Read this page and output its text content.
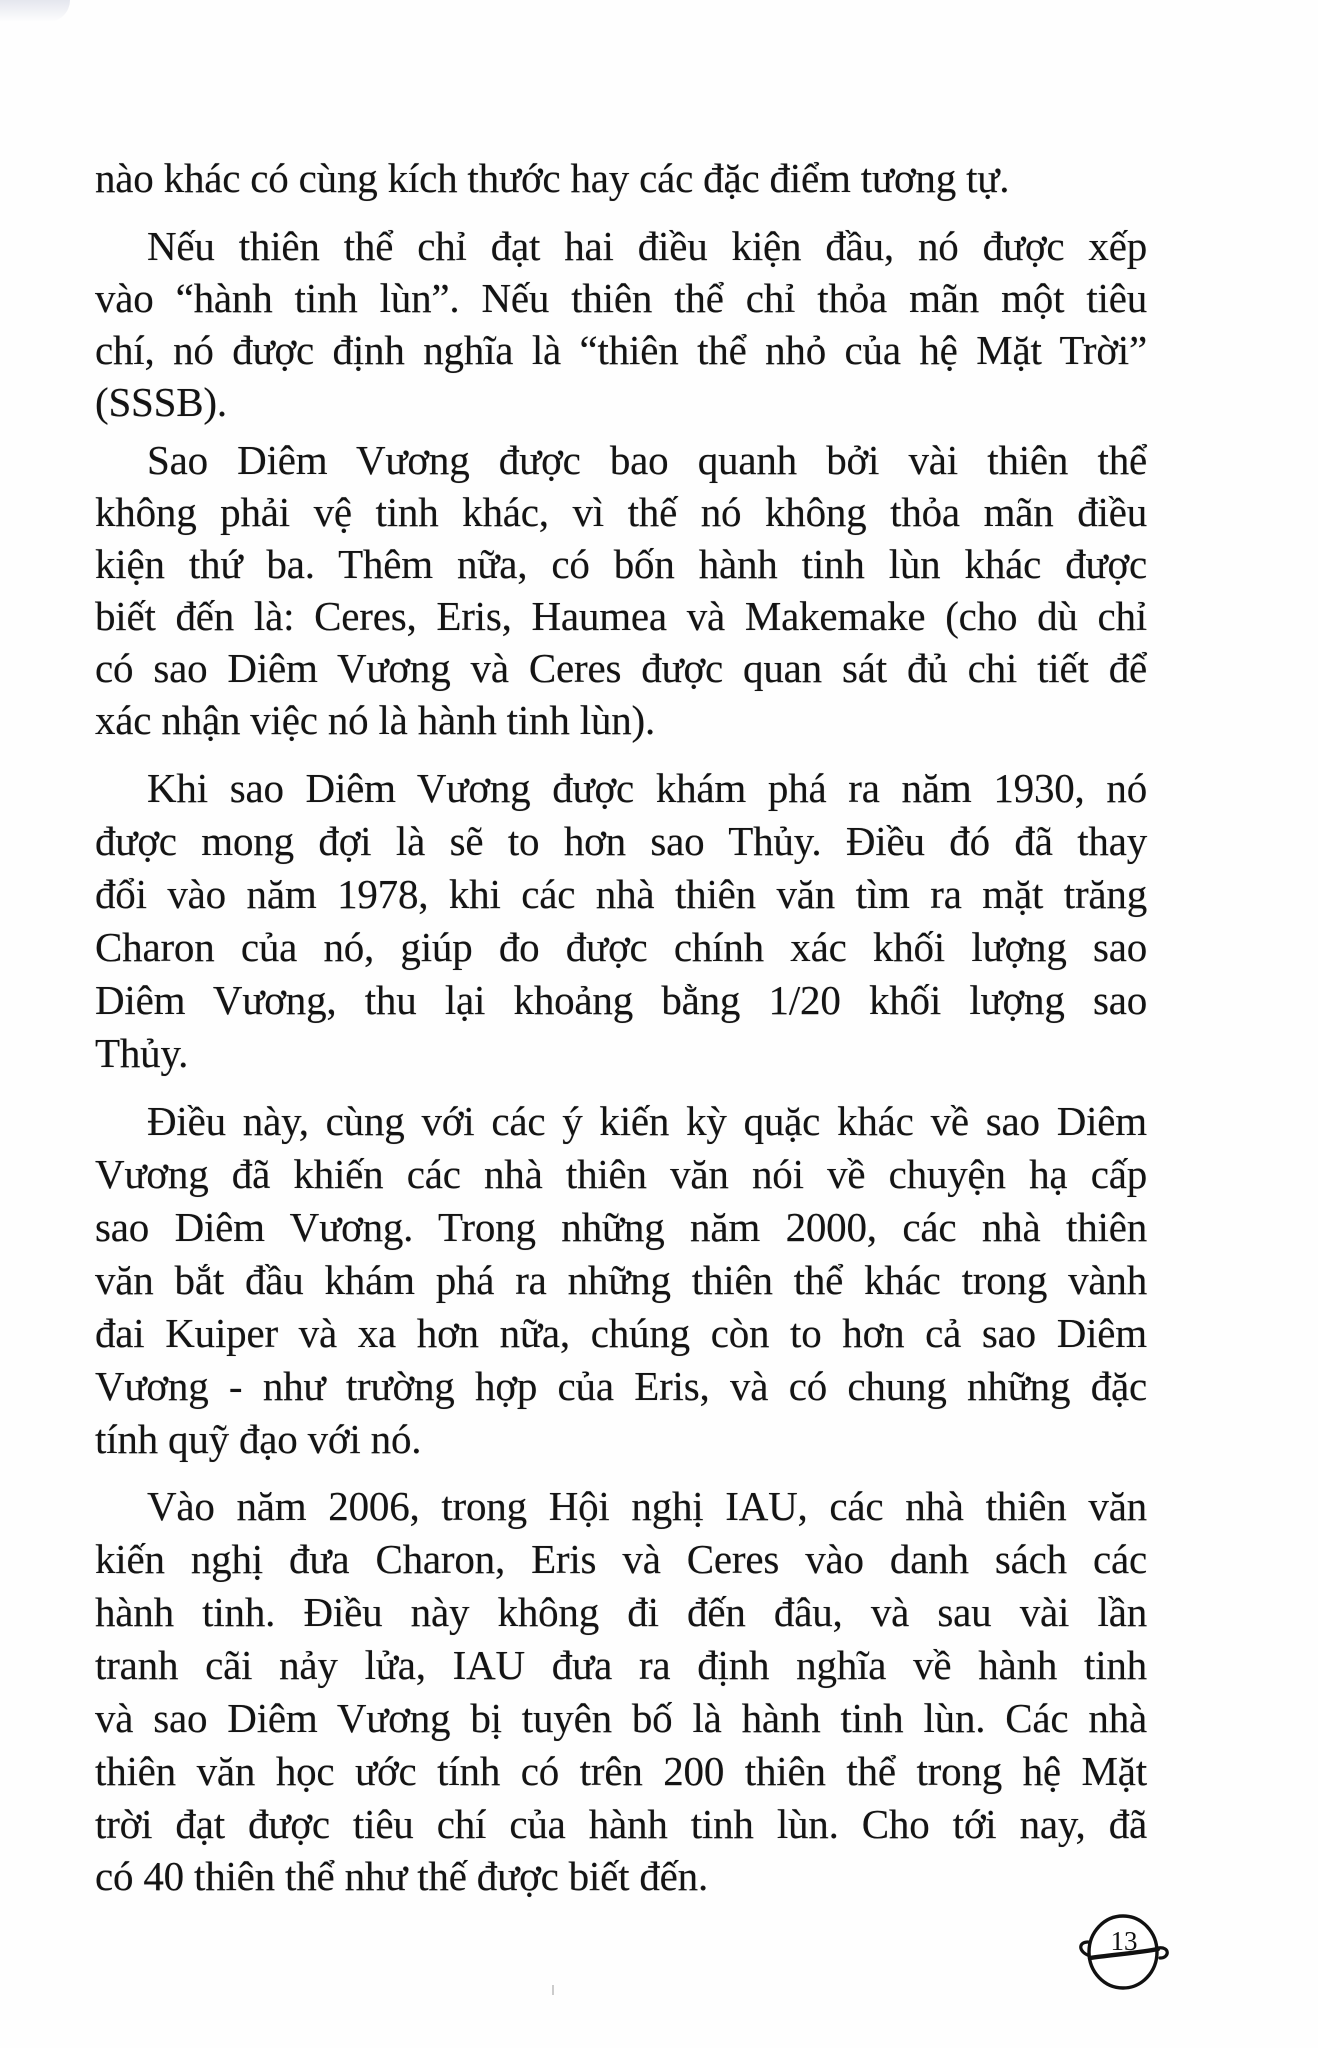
nào khác có cùng kích thước hay các đặc điểm tương tự.
Nếu thiên thể chỉ đạt hai điều kiện đầu, nó được xếp
vào “hành tinh lùn”. Nếu thiên thể chỉ thỏa mãn một tiêu
chí, nó được định nghĩa là “thiên thể nhỏ của hệ Mặt Trời”
(SSSB).
Sao Diêm Vương được bao quanh bởi vài thiên thể
không phải vệ tinh khác, vì thế nó không thỏa mãn điều
kiện thứ ba. Thêm nữa, có bốn hành tinh lùn khác được
biết đến là: Ceres, Eris, Haumea và Makemake (cho dù chỉ
có sao Diêm Vương và Ceres được quan sát đủ chi tiết để
xác nhận việc nó là hành tinh lùn).
Khi sao Diêm Vương được khám phá ra năm 1930, nó
được mong đợi là sẽ to hơn sao Thủy. Điều đó đã thay
đổi vào năm 1978, khi các nhà thiên văn tìm ra mặt trăng
Charon của nó, giúp đo được chính xác khối lượng sao
Diêm Vương, thu lại khoảng bằng 1/20 khối lượng sao
Thủy.
Điều này, cùng với các ý kiến kỳ quặc khác về sao Diêm
Vương đã khiến các nhà thiên văn nói về chuyện hạ cấp
sao Diêm Vương. Trong những năm 2000, các nhà thiên
văn bắt đầu khám phá ra những thiên thể khác trong vành
đai Kuiper và xa hơn nữa, chúng còn to hơn cả sao Diêm
Vương - như trường hợp của Eris, và có chung những đặc
tính quỹ đạo với nó.
Vào năm 2006, trong Hội nghị IAU, các nhà thiên văn
kiến nghị đưa Charon, Eris và Ceres vào danh sách các
hành tinh. Điều này không đi đến đâu, và sau vài lần
tranh cãi nảy lửa, IAU đưa ra định nghĩa về hành tinh
và sao Diêm Vương bị tuyên bố là hành tinh lùn. Các nhà
thiên văn học ước tính có trên 200 thiên thể trong hệ Mặt
trời đạt được tiêu chí của hành tinh lùn. Cho tới nay, đã
có 40 thiên thể như thế được biết đến.
13
